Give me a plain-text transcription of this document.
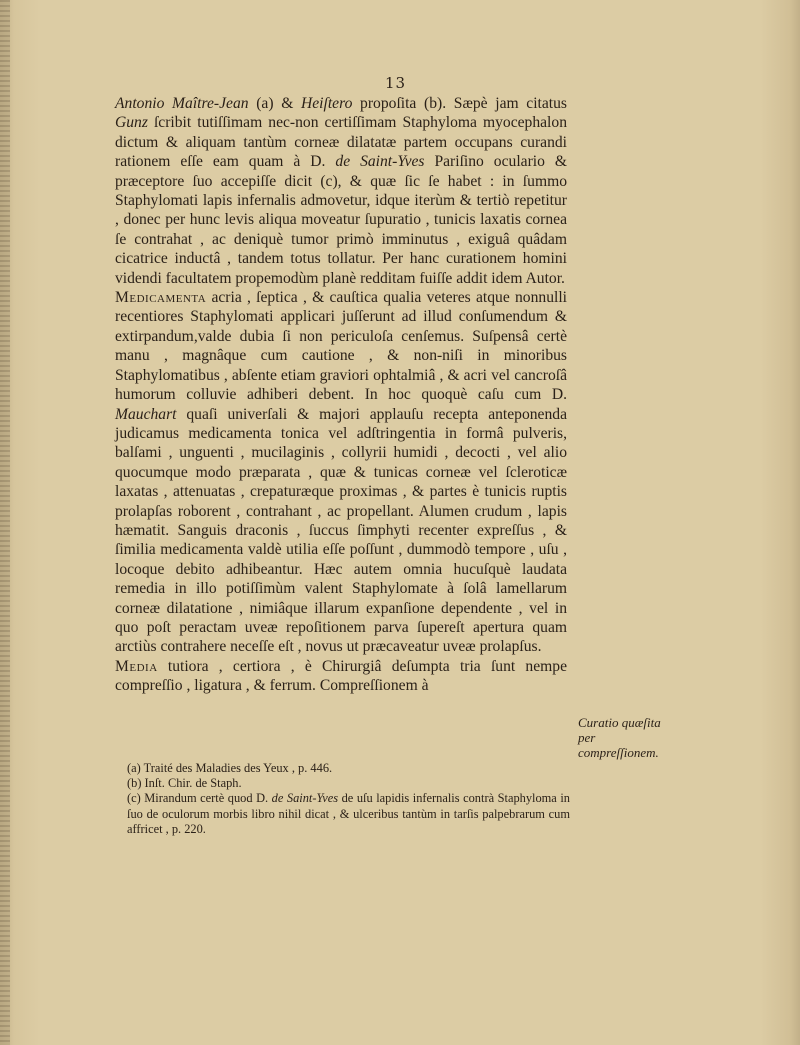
13

Antonio Maître-Jean (a) & Heiſtero propoſita (b). Sæpè jam citatus Gunz ſcribit tutiſſimam nec-non certiſſimam Staphyloma myocephalon dictum & aliquam tantùm corneæ dilatatæ partem occupans curandi rationem eſſe eam quam à D. de Saint-Yves Pariſino oculario & præceptore ſuo accepiſſe dicit (c), & quæ ſic ſe habet : in ſummo Staphylomati lapis infernalis admovetur, idque iterùm & tertiò repetitur , donec per hunc levis aliqua moveatur ſupuratio , tunicis laxatis cornea ſe contrahat , ac deniquè tumor primò imminutus , exiguâ quâdam cicatrice inductâ , tandem totus tollatur. Per hanc curationem homini videndi facultatem propemodùm planè redditam fuiſſe addit idem Autor.

Medicamenta acria , ſeptica , & cauſtica qualia veteres atque nonnulli recentiores Staphylomati applicari juſſerunt ad illud conſumendum & extirpandum,valde dubia ſi non periculoſa cenſemus. Suſpensâ certè manu , magnâque cum cautione , & non-niſi in minoribus Staphylomatibus , abſente etiam graviori ophtalmiâ , & acri vel cancroſâ humorum colluvie adhiberi debent. In hoc quoquè caſu cum D. Mauchart quaſi univerſali & majori applauſu recepta anteponenda judicamus medicamenta tonica vel adſtringentia in formâ pulveris, balſami , unguenti , mucilaginis , collyrii humidi , decocti , vel alio quocumque modo præparata , quæ & tunicas corneæ vel ſcleroticæ laxatas , attenuatas , crepaturæque proximas , & partes è tunicis ruptis prolapſas roborent , contrahant , ac propellant. Alumen crudum , lapis hæmatit. Sanguis draconis , ſuccus ſimphyti recenter expreſſus , & ſimilia medicamenta valdè utilia eſſe poſſunt , dummodò tempore , uſu , locoque debito adhibeantur. Hæc autem omnia hucuſquè laudata remedia in illo potiſſimùm valent Staphylomate à ſolâ lamellarum corneæ dilatatione , nimiâque illarum expanſione dependente , vel in quo poſt peractam uveæ repoſitionem parva ſupereſt apertura quam arctiùs contrahere neceſſe eſt , novus ut præcaveatur uveæ prolapſus.

Media tutiora , certiora , è Chirurgiâ deſumpta tria ſunt nempe compreſſio , ligatura , & ferrum. Compreſſionem à

Curatio quæſita per compreſſionem.

(a) Traité des Maladies des Yeux , p. 446.

(b) Inſt. Chir. de Staph.

(c) Mirandum certè quod D. de Saint-Yves de uſu lapidis infernalis contrà Staphyloma in ſuo de oculorum morbis libro nihil dicat , & ulceribus tantùm in tarſis palpebrarum cum affricet , p. 220.
